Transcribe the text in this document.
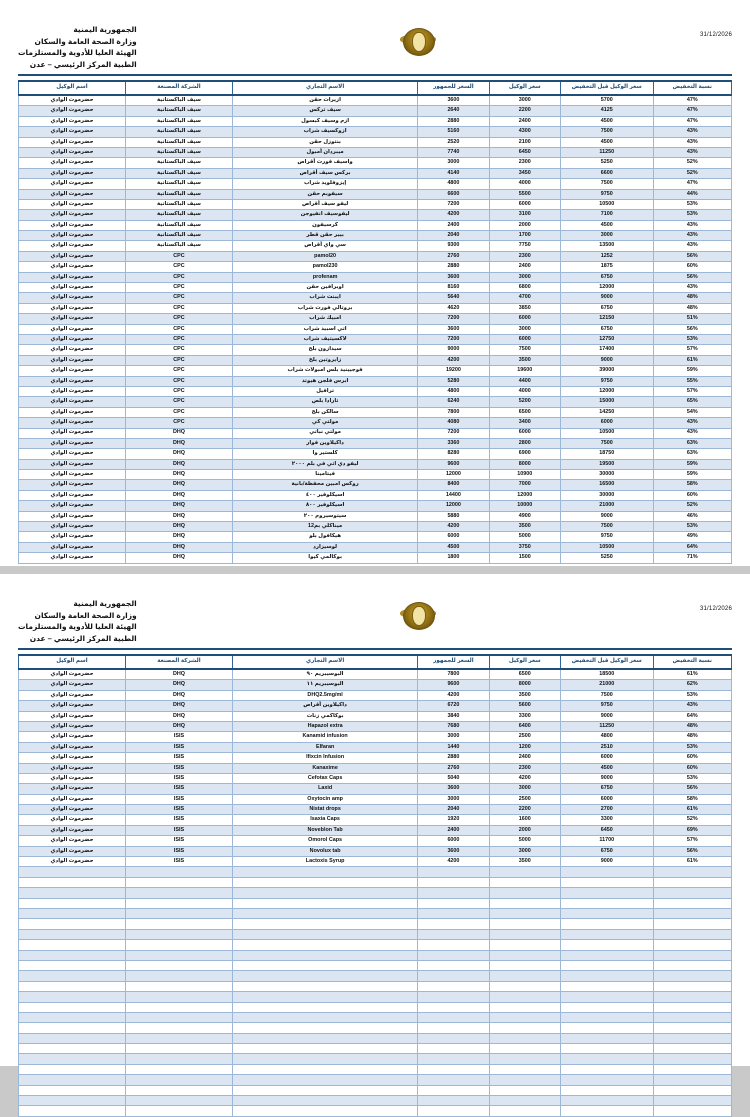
31/12/2026
الجمهورية اليمنية
وزارة الصحة العامة والسكان
الهيئة العليا للأدوية والمستلزمات
الطبية المركز الرئيسي – عدن
نسبة التخفيض	سعر الوكيل قبل التخفيض	سعر الوكيل	السعر للجمهور	الاسم التجاري	الشركة المصنعة	اسم الوكيل
47%	5700	3000	3600	ازيرات حقن	سيف الباكستانية	حضرموت الوادي
47%	4125	2200	2640	سيف تركس	سيف الباكستانية	حضرموت الوادي
47%	4500	2400	2880	ازم وسيف كبسول	سيف الباكستانية	حضرموت الوادي
43%	7500	4300	5160	ازوكسيف شراب	سيف الباكستانية	حضرموت الوادي
43%	4500	2100	2520	بنتوزل حقن	سيف الباكستانية	حضرموت الوادي
43%	11250	6450	7740	ميبردان أمبول	سيف الباكستانية	حضرموت الوادي
52%	5250	2300	3000	واسيف فورت أقراص	سيف الباكستانية	حضرموت الوادي
52%	6600	3450	4140	بركس سيف أقراص	سيف الباكستانية	حضرموت الوادي
47%	7500	4000	4800	إيزوفلويد شراب	سيف الباكستانية	حضرموت الوادي
44%	9750	5500	6600	سيفوبم حقن	سيف الباكستانية	حضرموت الوادي
53%	10500	6000	7200	ليفو سيف أقراص	سيف الباكستانية	حضرموت الوادي
53%	7100	3100	4200	ليفوسيف انفيوجن	سيف الباكستانية	حضرموت الوادي
43%	4500	2000	2400	كرسيفون	سيف الباكستانية	حضرموت الوادي
43%	3000	1700	2040	بيير حقن قطر	سيف الباكستانية	حضرموت الوادي
43%	13500	7750	9300	سي واي أقراص	سيف الباكستانية	حضرموت الوادي
56%	1252	2300	2760	pamol20	CPC	حضرموت الوادي
60%	1875	2400	2880	pamol230	CPC	حضرموت الوادي
56%	6750	3000	3600	profenam	CPC	حضرموت الوادي
43%	12000	6800	8160	اوبرافين حقن	CPC	حضرموت الوادي
48%	9000	4700	5640	ايبنت شراب	CPC	حضرموت الوادي
48%	6750	3850	4620	بروتالي فورت شراب	CPC	حضرموت الوادي
51%	12150	6000	7200	امبيك شراب	CPC	حضرموت الوادي
56%	6750	3000	3600	اتي اسبيد شراب	CPC	حضرموت الوادي
53%	12750	6000	7200	لاكسيتيف شراب	CPC	حضرموت الوادي
57%	17400	7500	9000	سيدازون بلخ	CPC	حضرموت الوادي
61%	9000	3500	4200	زايروتين بلخ	CPC	حضرموت الوادي
59%	39000	19600	19200	فوجيينيد بلس امبولات شراب	CPC	حضرموت الوادي
55%	9750	4400	5280	ابرس فلجن هيوتد	CPC	حضرموت الوادي
57%	12000	4000	4800	ترافيل	CPC	حضرموت الوادي
65%	15000	5200	6240	تارادا بلص	CPC	حضرموت الوادي
54%	14250	6500	7800	سالكن بلخ	CPC	حضرموت الوادي
43%	6000	3400	4080	مولتي كي	CPC	حضرموت الوادي
43%	10500	6000	7200	مولتي نباتي	DHQ	حضرموت الوادي
63%	7500	2800	3360	داكيلاوين فوار	DHQ	حضرموت الوادي
63%	18750	6900	8280	كلستير وا	DHQ	حضرموت الوادي
59%	19500	8000	9600	ليفو دي اتي في بلم ٢٠٠٠	DHQ	حضرموت الوادي
59%	30000	10900	12000	فيتامينا	DHQ	حضرموت الوادي
58%	16500	7000	8400	روكس امبين محفظة/بانية	DHQ	حضرموت الوادي
60%	30000	12000	14400	اسيكلوفير ٤٠٠	DHQ	حضرموت الوادي
52%	21000	10000	12000	اسيكلوفير ٨٠٠	DHQ	حضرموت الوادي
46%	9000	4900	5880	سيتوسيروم ٢٠٠	DHQ	حضرموت الوادي
53%	7500	3500	4200	ميناكلي بم12	DHQ	حضرموت الوادي
49%	9750	5000	6000	هيكافول بلو	DHQ	حضرموت الوادي
64%	10500	3750	4500	لوسيزارد	DHQ	حضرموت الوادي
71%	5250	1500	1800	بوكالمي كيوا	DHQ	حضرموت الوادي
31/12/2026
الجمهورية اليمنية
وزارة الصحة العامة والسكان
الهيئة العليا للأدوية والمستلزمات
الطبية المركز الرئيسي – عدن
نسبة التخفيض	سعر الوكيل قبل التخفيض	سعر الوكيل	السعر للجمهور	الاسم التجاري	الشركة المصنعة	اسم الوكيل
61%	18500	6500	7800	البوسيبريم ٩٠	DHQ	حضرموت الوادي
62%	21000	8000	9600	البوسيبريم ١١	DHQ	حضرموت الوادي
53%	7500	3500	4200	DHQ2.5mg/ml	DHQ	حضرموت الوادي
43%	9750	5600	6720	داكيلاوين أقراص	DHQ	حضرموت الوادي
64%	9000	3300	3840	بوكاكمي زنات	DHQ	حضرموت الوادي
48%	11250	6400	7680	Hapazol extra	DHQ	حضرموت الوادي
48%	4800	2500	3000	Kanamid infusion	ISIS	حضرموت الوادي
53%	2510	1200	1440	Elfaran	ISIS	حضرموت الوادي
60%	6000	2400	2880	Ifixcin Infusion	ISIS	حضرموت الوادي
60%	4500	2300	2760	Kanaxime	ISIS	حضرموت الوادي
53%	9000	4200	5040	Cefotax Caps	ISIS	حضرموت الوادي
56%	6750	3000	3600	Laxid	ISIS	حضرموت الوادي
58%	6000	2500	3000	Oxytocin amp	ISIS	حضرموت الوادي
61%	2700	2200	2040	Nistat drops	ISIS	حضرموت الوادي
52%	3300	1600	1920	Isaxia Caps	ISIS	حضرموت الوادي
69%	6450	2000	2400	Noveblon Tab	ISIS	حضرموت الوادي
57%	11700	5000	6000	Omorol Caps	ISIS	حضرموت الوادي
56%	6750	3000	3600	Novolux tab	ISIS	حضرموت الوادي
61%	9000	3500	4200	Lactoxis Syrup	ISIS	حضرموت الوادي
